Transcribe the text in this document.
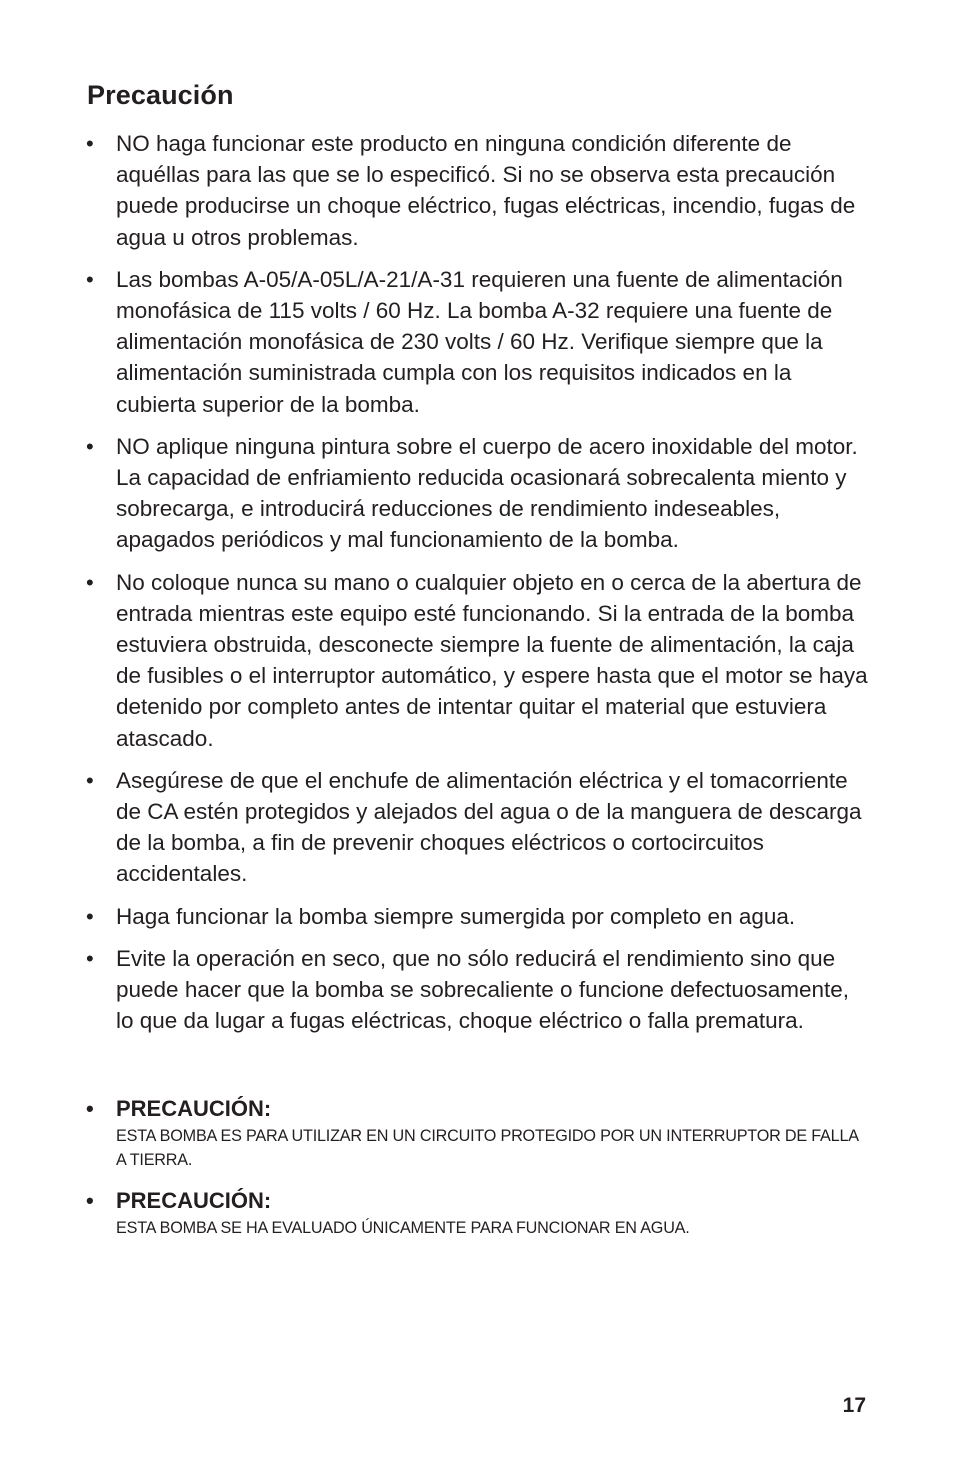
Precaución
• NO haga funcionar este producto en ninguna condición diferente de aquéllas para las que se lo especificó. Si no se observa esta precaución puede producirse un choque eléctrico, fugas eléctricas, incendio, fugas de agua u otros problemas.
• Las bombas A-05/A-05L/A-21/A-31 requieren una fuente de alimentación monofásica de 115 volts / 60 Hz. La bomba A-32 requiere una fuente de alimentación monofásica de 230 volts / 60 Hz. Verifique siempre que la alimentación suministrada cumpla con los requisitos indicados en la cubierta superior de la bomba.
• NO aplique ninguna pintura sobre el cuerpo de acero inoxidable del motor. La capacidad de enfriamiento reducida ocasionará sobrecalenta miento y sobrecarga, e introducirá reducciones de rendimiento indeseables, apagados periódicos y mal funcionamiento de la bomba.
• No coloque nunca su mano o cualquier objeto en o cerca de la abertura de entrada mientras este equipo esté funcionando. Si la entrada de la bomba estuviera obstruida, desconecte siempre la fuente de alimentación, la caja de fusibles o el interruptor automático, y espere hasta que el motor se haya detenido por completo antes de intentar quitar el material que estuviera atascado.
• Asegúrese de que el enchufe de alimentación eléctrica y el tomacorriente de CA estén protegidos y alejados del agua o de la manguera de descarga de la bomba, a fin de prevenir choques eléctricos o cortocircuitos accidentales.
• Haga funcionar la bomba siempre sumergida por completo en agua.
• Evite la operación en seco, que no sólo reducirá el rendimiento sino que puede hacer que la bomba se sobrecaliente o funcione defectuosamente, lo que da lugar a fugas eléctricas, choque eléctrico o falla prematura.
•	PRECAUCIÓN:
ESTA BOMBA ES PARA UTILIZAR EN UN CIRCUITO PROTEGIDO POR UN INTERRUPTOR DE FALLA A TIERRA.
•	PRECAUCIÓN:
ESTA BOMBA SE HA EVALUADO ÚNICAMENTE PARA FUNCIONAR EN AGUA.
17
